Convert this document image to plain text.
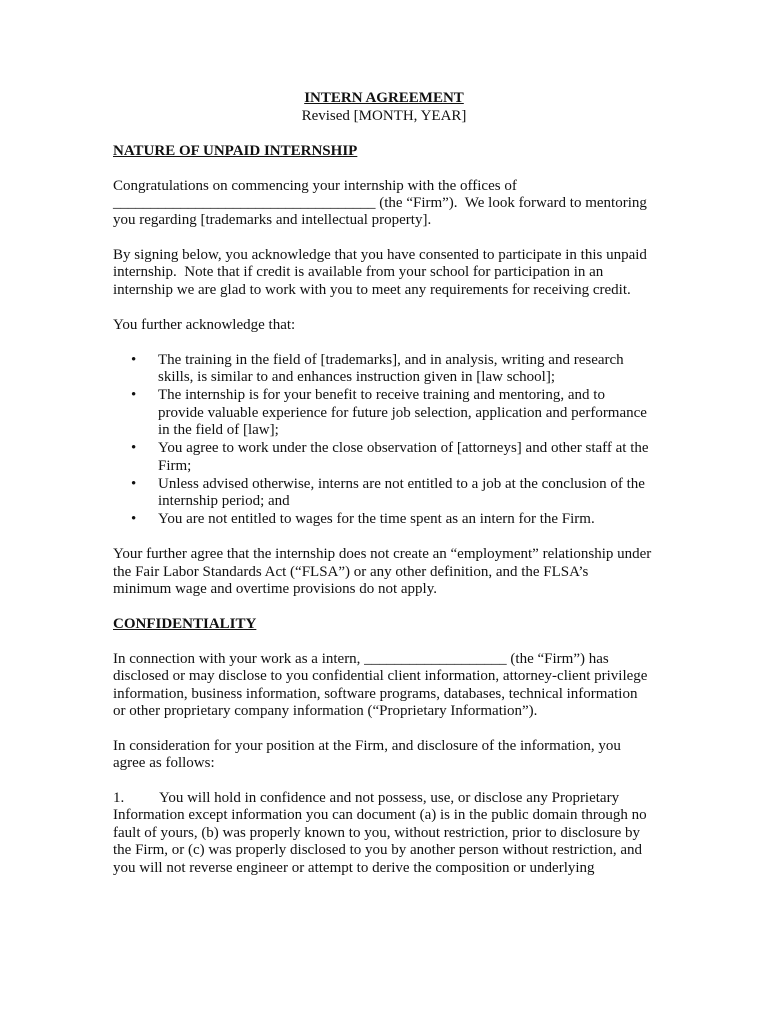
INTERN AGREEMENT
Revised [MONTH, YEAR]
NATURE OF UNPAID INTERNSHIP
Congratulations on commencing your internship with the offices of
___________________________________ (the “Firm”).  We look forward to mentoring
you regarding [trademarks and intellectual property].
By signing below, you acknowledge that you have consented to participate in this unpaid
internship.  Note that if credit is available from your school for participation in an
internship we are glad to work with you to meet any requirements for receiving credit.
You further acknowledge that:
• The training in the field of [trademarks], and in analysis, writing and research
skills, is similar to and enhances instruction given in [law school];
• The internship is for your benefit to receive training and mentoring, and to
provide valuable experience for future job selection, application and performance
in the field of [law];
• You agree to work under the close observation of [attorneys] and other staff at the
Firm;
• Unless advised otherwise, interns are not entitled to a job at the conclusion of the
internship period; and
• You are not entitled to wages for the time spent as an intern for the Firm.
Your further agree that the internship does not create an “employment” relationship under
the Fair Labor Standards Act (“FLSA”) or any other definition, and the FLSA’s
minimum wage and overtime provisions do not apply.
CONFIDENTIALITY
In connection with your work as a intern, ___________________ (the “Firm”) has
disclosed or may disclose to you confidential client information, attorney-client privilege
information, business information, software programs, databases, technical information
or other proprietary company information (“Proprietary Information”).
In consideration for your position at the Firm, and disclosure of the information, you
agree as follows:
1. You will hold in confidence and not possess, use, or disclose any Proprietary
Information except information you can document (a) is in the public domain through no
fault of yours, (b) was properly known to you, without restriction, prior to disclosure by
the Firm, or (c) was properly disclosed to you by another person without restriction, and
you will not reverse engineer or attempt to derive the composition or underlying
